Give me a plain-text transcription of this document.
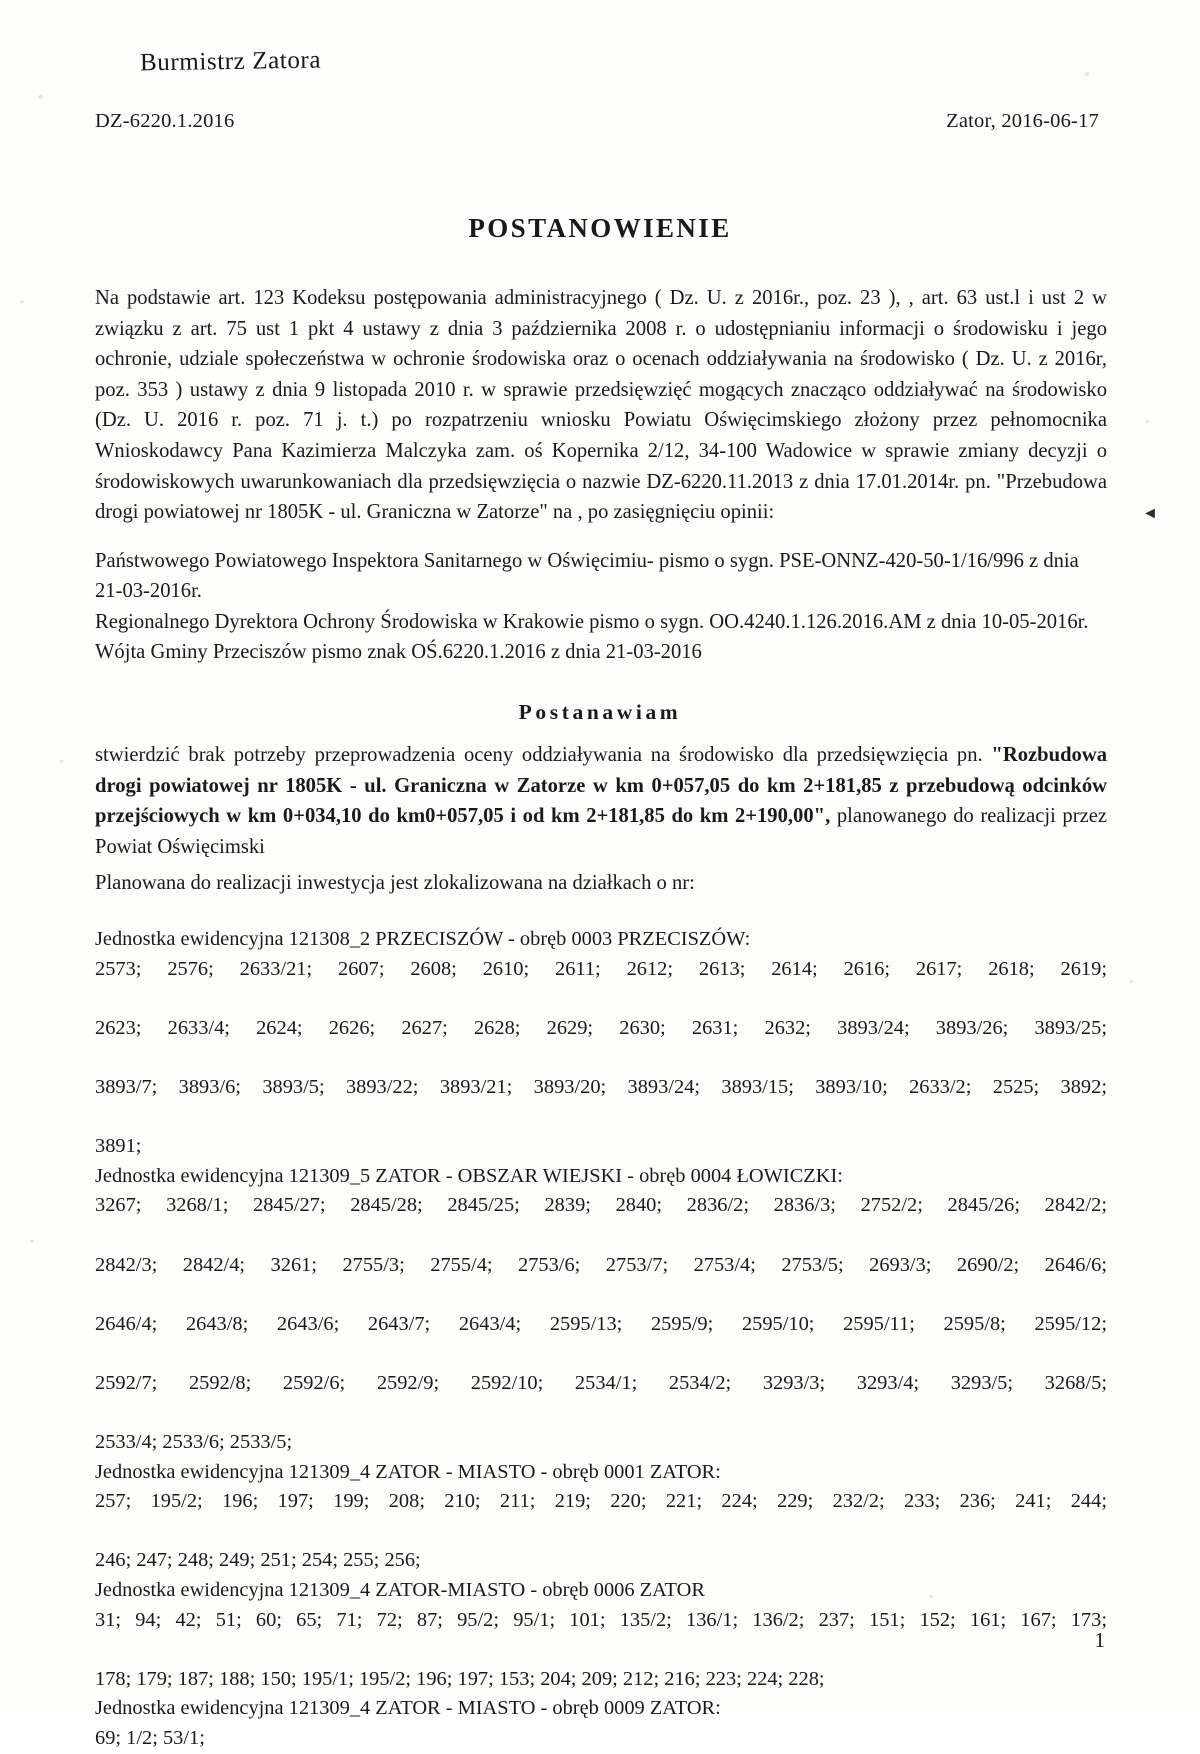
Burmistrz Zatora
DZ-6220.1.2016	Zator, 2016-06-17
POSTANOWIENIE
Na podstawie art. 123 Kodeksu postępowania administracyjnego ( Dz. U. z 2016r., poz. 23 ), , art. 63 ust.l i ust 2 w związku z art. 75 ust 1 pkt 4 ustawy z dnia 3 października 2008 r. o udostępnianiu informacji o środowisku i jego ochronie, udziale społeczeństwa w ochronie środowiska oraz o ocenach oddziaływania na środowisko ( Dz. U. z 2016r, poz. 353 ) ustawy z dnia 9 listopada 2010 r. w sprawie przedsięwzięć mogących znacząco oddziaływać na środowisko (Dz. U. 2016 r. poz. 71 j. t.) po rozpatrzeniu wniosku Powiatu Oświęcimskiego złożony przez pełnomocnika Wnioskodawcy Pana Kazimierza Malczyka zam. oś Kopernika 2/12, 34-100 Wadowice w sprawie zmiany decyzji o środowiskowych uwarunkowaniach dla przedsięwzięcia o nazwie DZ-6220.11.2013 z dnia 17.01.2014r. pn. "Przebudowa drogi powiatowej nr 1805K - ul. Graniczna w Zatorze" na , po zasięgnięciu opinii:	◄
Państwowego Powiatowego Inspektora Sanitarnego w Oświęcimiu- pismo o sygn. PSE-ONNZ-420-50-1/16/996 z dnia 21-03-2016r.
Regionalnego Dyrektora Ochrony Środowiska w Krakowie pismo o sygn. OO.4240.1.126.2016.AM z dnia 10-05-2016r.
Wójta Gminy Przeciszów pismo znak OŚ.6220.1.2016 z dnia 21-03-2016
Postanawiam
stwierdzić brak potrzeby przeprowadzenia oceny oddziaływania na środowisko dla przedsięwzięcia pn. "Rozbudowa drogi powiatowej nr 1805K - ul. Graniczna w Zatorze w km 0+057,05 do km 2+181,85 z przebudową odcinków przejściowych w km 0+034,10 do km0+057,05 i od km 2+181,85 do km 2+190,00", planowanego do realizacji przez Powiat Oświęcimski
Planowana do realizacji inwestycja jest zlokalizowana na działkach o nr:
Jednostka ewidencyjna 121308_2 PRZECISZÓW - obręb 0003 PRZECISZÓW:
2573; 2576; 2633/21; 2607; 2608; 2610; 2611; 2612; 2613; 2614; 2616; 2617; 2618; 2619;
2623; 2633/4; 2624; 2626; 2627; 2628; 2629; 2630; 2631; 2632; 3893/24; 3893/26; 3893/25;
3893/7; 3893/6; 3893/5; 3893/22; 3893/21; 3893/20; 3893/24; 3893/15; 3893/10; 2633/2; 2525; 3892;
3891;
Jednostka ewidencyjna 121309_5 ZATOR - OBSZAR WIEJSKI - obręb 0004 ŁOWICZKI:
3267; 3268/1; 2845/27; 2845/28; 2845/25; 2839; 2840; 2836/2; 2836/3; 2752/2; 2845/26; 2842/2;
2842/3; 2842/4; 3261; 2755/3; 2755/4; 2753/6; 2753/7; 2753/4; 2753/5; 2693/3; 2690/2; 2646/6;
2646/4; 2643/8; 2643/6; 2643/7; 2643/4; 2595/13; 2595/9; 2595/10; 2595/11; 2595/8; 2595/12;
2592/7; 2592/8; 2592/6; 2592/9; 2592/10; 2534/1; 2534/2; 3293/3; 3293/4; 3293/5; 3268/5;
2533/4; 2533/6; 2533/5;
Jednostka ewidencyjna 121309_4 ZATOR - MIASTO - obręb 0001 ZATOR:
257; 195/2; 196; 197; 199; 208; 210; 211; 219; 220; 221; 224; 229; 232/2; 233; 236; 241; 244;
246; 247; 248; 249; 251; 254; 255; 256;
Jednostka ewidencyjna 121309_4 ZATOR-MIASTO - obręb 0006 ZATOR
31; 94; 42; 51; 60; 65; 71; 72; 87; 95/2; 95/1; 101; 135/2; 136/1; 136/2; 237; 151; 152; 161; 167; 173;
178; 179; 187; 188; 150; 195/1; 195/2; 196; 197; 153; 204; 209; 212; 216; 223; 224; 228;
Jednostka ewidencyjna 121309_4 ZATOR - MIASTO - obręb 0009 ZATOR:
69; 1/2; 53/1;
1
